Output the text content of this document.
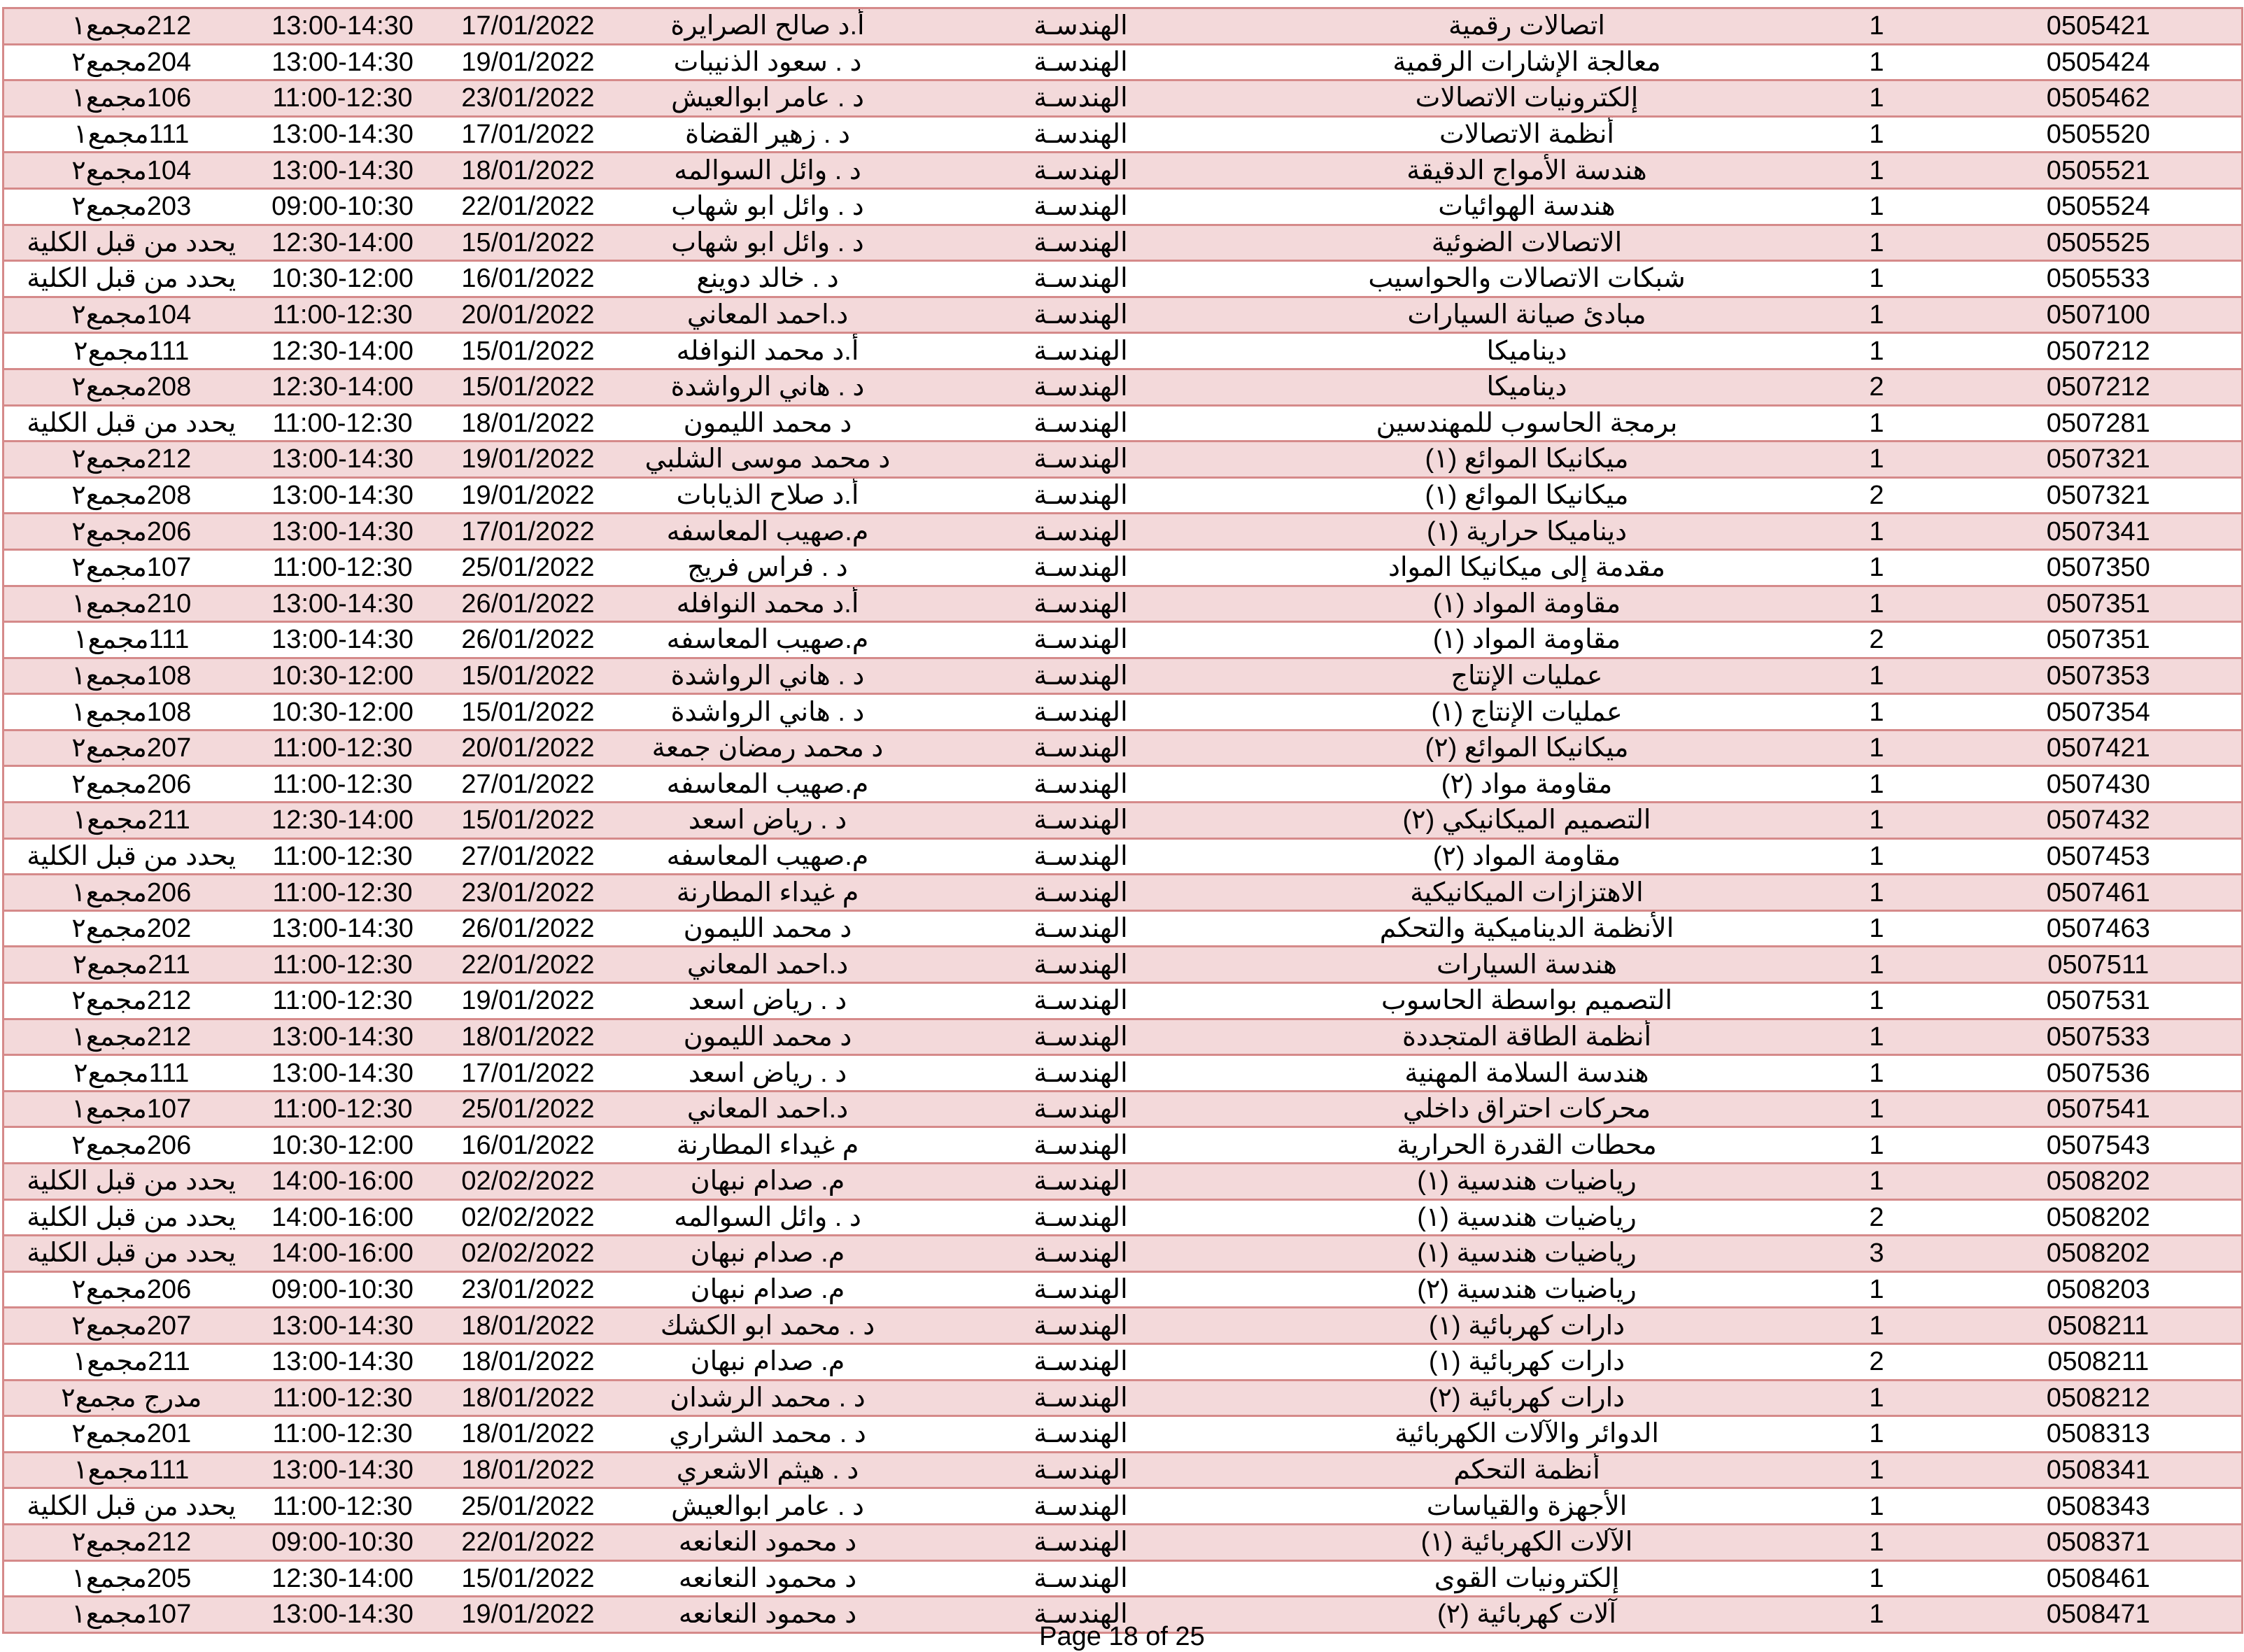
212مجمع١	13:00-14:30	17/01/2022	أ.د صالح الصرايرة	الهندسـة	اتصالات رقمية	1	0505421
204مجمع٢	13:00-14:30	19/01/2022	د . سعود الذنيبات	الهندسـة	معالجة الإشارات الرقمية	1	0505424
106مجمع١	11:00-12:30	23/01/2022	د . عامر ابوالعيش	الهندسـة	إلكترونيات الاتصالات	1	0505462
111مجمع١	13:00-14:30	17/01/2022	د . زهير القضاة	الهندسـة	أنظمة الاتصالات	1	0505520
104مجمع٢	13:00-14:30	18/01/2022	د . وائل السوالمه	الهندسـة	هندسة الأمواج الدقيقة	1	0505521
203مجمع٢	09:00-10:30	22/01/2022	د . وائل ابو شهاب	الهندسـة	هندسة الهوائيات	1	0505524
يحدد من قبل الكلية	12:30-14:00	15/01/2022	د . وائل ابو شهاب	الهندسـة	الاتصالات الضوئية	1	0505525
يحدد من قبل الكلية	10:30-12:00	16/01/2022	د . خالد دوينع	الهندسـة	شبكات الاتصالات والحواسيب	1	0505533
104مجمع٢	11:00-12:30	20/01/2022	د.احمد المعاني	الهندسـة	مبادئ صيانة السيارات	1	0507100
111مجمع٢	12:30-14:00	15/01/2022	أ.د محمد النوافله	الهندسـة	ديناميكا	1	0507212
208مجمع٢	12:30-14:00	15/01/2022	د . هاني الرواشدة	الهندسـة	ديناميكا	2	0507212
يحدد من قبل الكلية	11:00-12:30	18/01/2022	د محمد الليمون	الهندسـة	برمجة الحاسوب للمهندسين	1	0507281
212مجمع٢	13:00-14:30	19/01/2022	د محمد موسى الشلبي	الهندسـة	ميكانيكا الموائع (١)	1	0507321
208مجمع٢	13:00-14:30	19/01/2022	أ.د صلاح الذيابات	الهندسـة	ميكانيكا الموائع (١)	2	0507321
206مجمع٢	13:00-14:30	17/01/2022	م.صهيب المعاسفه	الهندسـة	ديناميكا حرارية (١)	1	0507341
107مجمع٢	11:00-12:30	25/01/2022	د . فراس فريج	الهندسـة	مقدمة إلى ميكانيكا المواد	1	0507350
210مجمع١	13:00-14:30	26/01/2022	أ.د محمد النوافله	الهندسـة	مقاومة المواد (١)	1	0507351
111مجمع١	13:00-14:30	26/01/2022	م.صهيب المعاسفه	الهندسـة	مقاومة المواد (١)	2	0507351
108مجمع١	10:30-12:00	15/01/2022	د . هاني الرواشدة	الهندسـة	عمليات الإنتاج	1	0507353
108مجمع١	10:30-12:00	15/01/2022	د . هاني الرواشدة	الهندسـة	عمليات الإنتاج (١)	1	0507354
207مجمع٢	11:00-12:30	20/01/2022	د محمد رمضان جمعة	الهندسـة	ميكانيكا الموائع (٢)	1	0507421
206مجمع٢	11:00-12:30	27/01/2022	م.صهيب المعاسفه	الهندسـة	مقاومة مواد (٢)	1	0507430
211مجمع١	12:30-14:00	15/01/2022	د . رياض اسعد	الهندسـة	التصميم الميكانيكي (٢)	1	0507432
يحدد من قبل الكلية	11:00-12:30	27/01/2022	م.صهيب المعاسفه	الهندسـة	مقاومة المواد (٢)	1	0507453
206مجمع١	11:00-12:30	23/01/2022	م غيداء المطارنة	الهندسـة	الاهتزازات الميكانيكية	1	0507461
202مجمع٢	13:00-14:30	26/01/2022	د محمد الليمون	الهندسـة	الأنظمة الديناميكية والتحكم	1	0507463
211مجمع٢	11:00-12:30	22/01/2022	د.احمد المعاني	الهندسـة	هندسة السيارات	1	0507511
212مجمع٢	11:00-12:30	19/01/2022	د . رياض اسعد	الهندسـة	التصميم بواسطة الحاسوب	1	0507531
212مجمع١	13:00-14:30	18/01/2022	د محمد الليمون	الهندسـة	أنظمة الطاقة المتجددة	1	0507533
111مجمع٢	13:00-14:30	17/01/2022	د . رياض اسعد	الهندسـة	هندسة السلامة المهنية	1	0507536
107مجمع١	11:00-12:30	25/01/2022	د.احمد المعاني	الهندسـة	محركات احتراق داخلي	1	0507541
206مجمع٢	10:30-12:00	16/01/2022	م غيداء المطارنة	الهندسـة	محطات القدرة الحرارية	1	0507543
يحدد من قبل الكلية	14:00-16:00	02/02/2022	م. صدام نبهان	الهندسـة	رياضيات هندسية (١)	1	0508202
يحدد من قبل الكلية	14:00-16:00	02/02/2022	د . وائل السوالمه	الهندسـة	رياضيات هندسية (١)	2	0508202
يحدد من قبل الكلية	14:00-16:00	02/02/2022	م. صدام نبهان	الهندسـة	رياضيات هندسية (١)	3	0508202
206مجمع٢	09:00-10:30	23/01/2022	م. صدام نبهان	الهندسـة	رياضيات هندسية (٢)	1	0508203
207مجمع٢	13:00-14:30	18/01/2022	د . محمد ابو الكشك	الهندسـة	دارات كهربائية (١)	1	0508211
211مجمع١	13:00-14:30	18/01/2022	م. صدام نبهان	الهندسـة	دارات كهربائية (١)	2	0508211
مدرج مجمع٢	11:00-12:30	18/01/2022	د . محمد الرشدان	الهندسـة	دارات كهربائية (٢)	1	0508212
201مجمع٢	11:00-12:30	18/01/2022	د . محمد الشراري	الهندسـة	الدوائر والآلات الكهربائية	1	0508313
111مجمع١	13:00-14:30	18/01/2022	د . هيثم الاشعري	الهندسـة	أنظمة التحكم	1	0508341
يحدد من قبل الكلية	11:00-12:30	25/01/2022	د . عامر ابوالعيش	الهندسـة	الأجهزة والقياسات	1	0508343
212مجمع٢	09:00-10:30	22/01/2022	د محمود النعانعه	الهندسـة	الآلات الكهربائية (١)	1	0508371
205مجمع١	12:30-14:00	15/01/2022	د محمود النعانعه	الهندسـة	إلكترونيات القوى	1	0508461
107مجمع١	13:00-14:30	19/01/2022	د محمود النعانعه	الهندسـة	آلات كهربائية (٢)	1	0508471
Page 18 of 25
